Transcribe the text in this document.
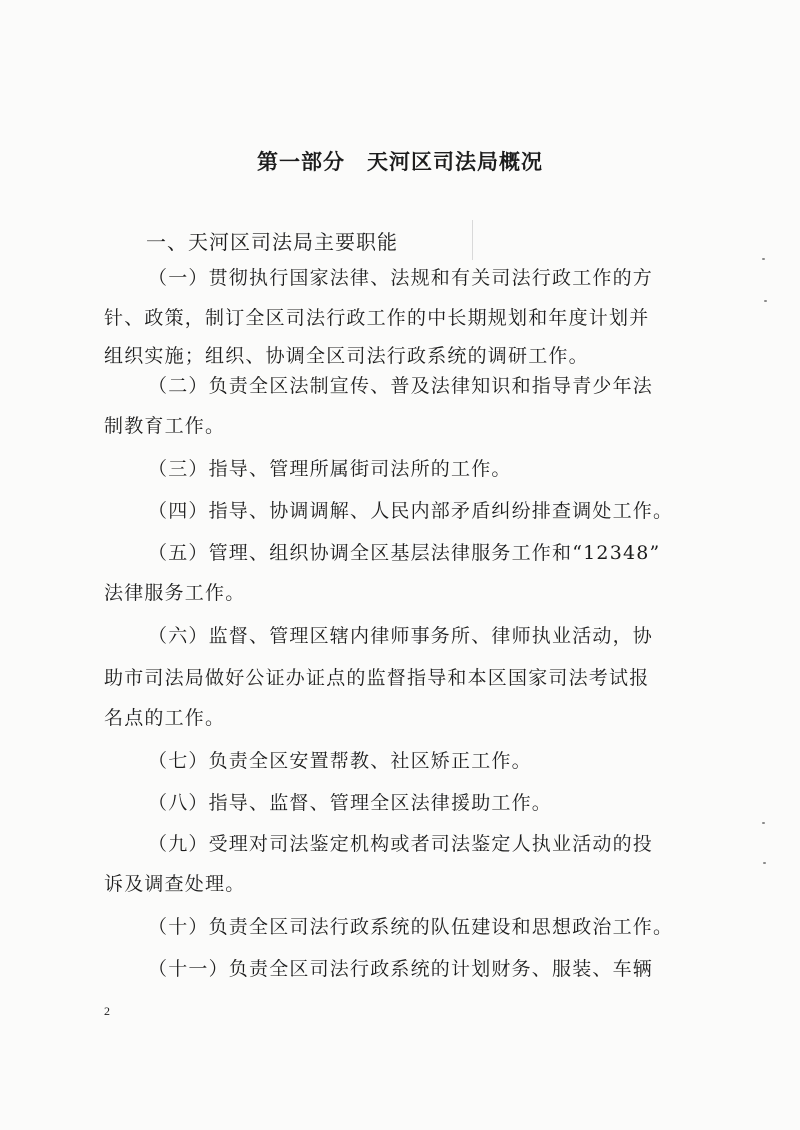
第一部分　天河区司法局概况
一、天河区司法局主要职能
（一）贯彻执行国家法律、法规和有关司法行政工作的方
针、政策，制订全区司法行政工作的中长期规划和年度计划并
组织实施；组织、协调全区司法行政系统的调研工作。
（二）负责全区法制宣传、普及法律知识和指导青少年法
制教育工作。
（三）指导、管理所属街司法所的工作。
（四）指导、协调调解、人民内部矛盾纠纷排查调处工作。
（五）管理、组织协调全区基层法律服务工作和“12348”
法律服务工作。
（六）监督、管理区辖内律师事务所、律师执业活动，协
助市司法局做好公证办证点的监督指导和本区国家司法考试报
名点的工作。
（七）负责全区安置帮教、社区矫正工作。
（八）指导、监督、管理全区法律援助工作。
（九）受理对司法鉴定机构或者司法鉴定人执业活动的投
诉及调查处理。
（十）负责全区司法行政系统的队伍建设和思想政治工作。
（十一）负责全区司法行政系统的计划财务、服装、车辆
2
